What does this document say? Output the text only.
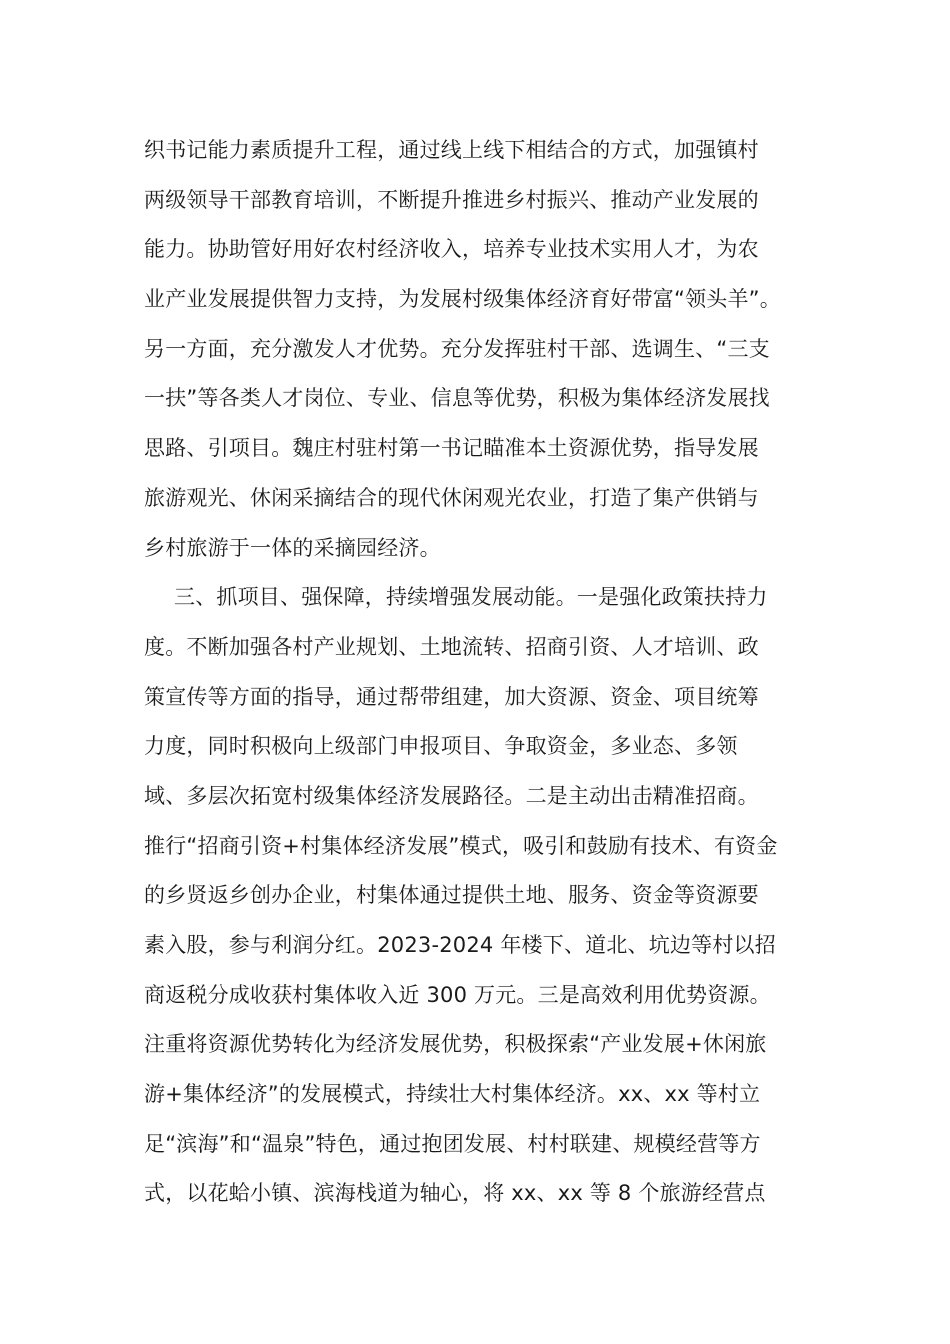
织书记能力素质提升工程，通过线上线下相结合的方式，加强镇村
两级领导干部教育培训，不断提升推进乡村振兴、推动产业发展的
能力。协助管好用好农村经济收入，培养专业技术实用人才，为农
业产业发展提供智力支持，为发展村级集体经济育好带富“领头羊”。
另一方面，充分激发人才优势。充分发挥驻村干部、选调生、“三支
一扶”等各类人才岗位、专业、信息等优势，积极为集体经济发展找
思路、引项目。魏庄村驻村第一书记瞄准本土资源优势，指导发展
旅游观光、休闲采摘结合的现代休闲观光农业，打造了集产供销与
乡村旅游于一体的采摘园经济。
三、抓项目、强保障，持续增强发展动能。一是强化政策扶持力
度。不断加强各村产业规划、土地流转、招商引资、人才培训、政
策宣传等方面的指导，通过帮带组建，加大资源、资金、项目统筹
力度，同时积极向上级部门申报项目、争取资金，多业态、多领
域、多层次拓宽村级集体经济发展路径。二是主动出击精准招商。
推行“招商引资+村集体经济发展”模式，吸引和鼓励有技术、有资金
的乡贤返乡创办企业，村集体通过提供土地、服务、资金等资源要
素入股，参与利润分红。2023-2024 年楼下、道北、坑边等村以招
商返税分成收获村集体收入近 300 万元。三是高效利用优势资源。
注重将资源优势转化为经济发展优势，积极探索“产业发展+休闲旅
游+集体经济”的发展模式，持续壮大村集体经济。xx、xx 等村立
足“滨海”和“温泉”特色，通过抱团发展、村村联建、规模经营等方
式，以花蛤小镇、滨海栈道为轴心，将 xx、xx 等 8 个旅游经营点
